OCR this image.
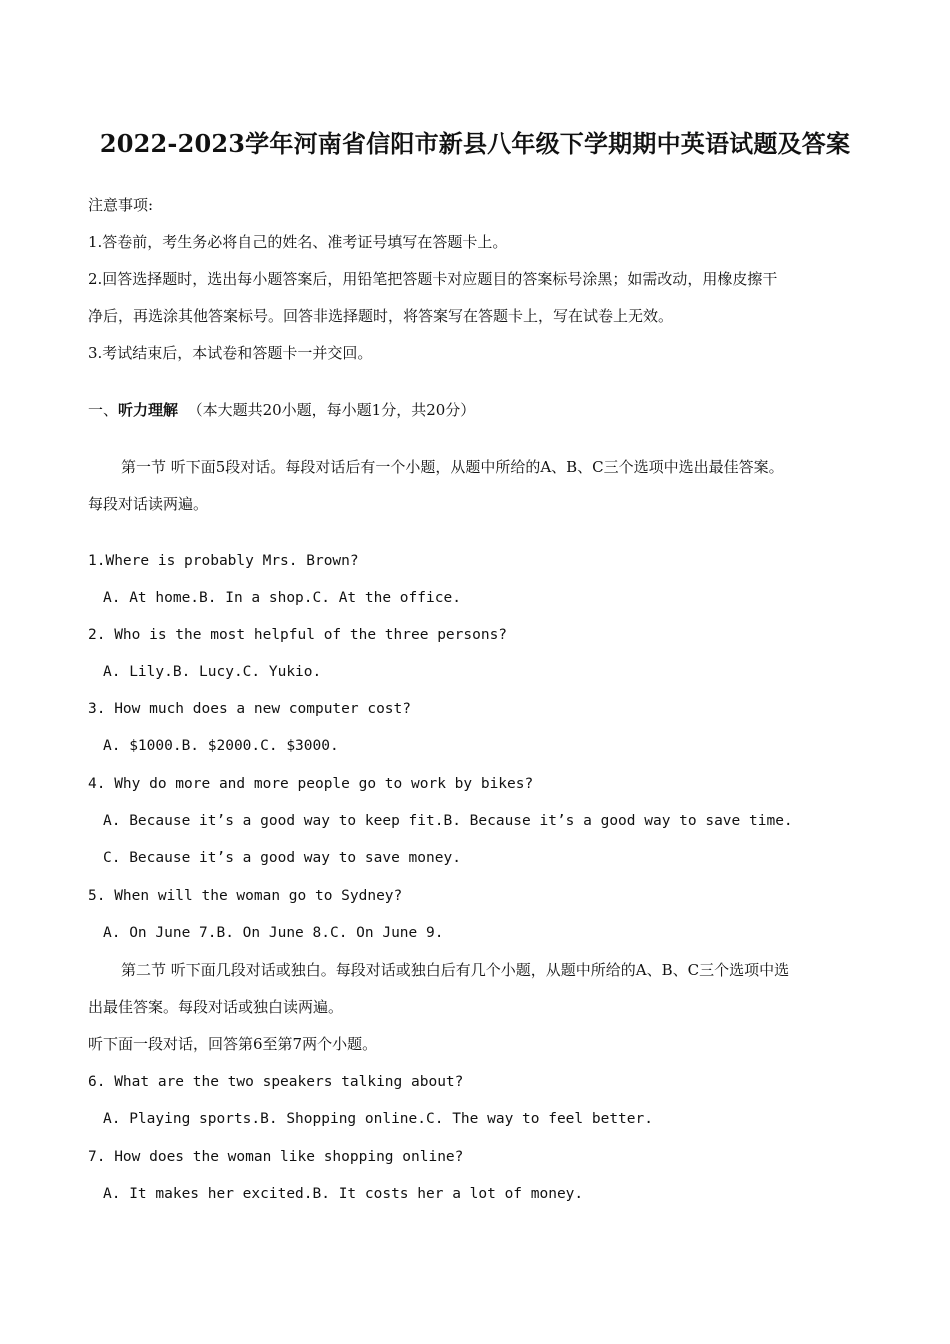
2022-2023学年河南省信阳市新县八年级下学期期中英语试题及答案
注意事项:
1.答卷前，考生务必将自己的姓名、准考证号填写在答题卡上。
2.回答选择题时，选出每小题答案后，用铅笔把答题卡对应题目的答案标号涂黑；如需改动，用橡皮擦干
净后，再选涂其他答案标号。回答非选择题时，将答案写在答题卡上，写在试卷上无效。
3.考试结束后，本试卷和答题卡一并交回。
一、听力理解 （本大题共20小题，每小题1分，共20分）
第一节 听下面5段对话。每段对话后有一个小题，从题中所给的A、B、C三个选项中选出最佳答案。
每段对话读两遍。
1.Where is probably Mrs. Brown?
A. At home.B. In a shop.C. At the office.
2. Who is the most helpful of the three persons?
A. Lily.B. Lucy.C. Yukio.
3. How much does a new computer cost?
A. $1000.B. $2000.C. $3000.
4. Why do more and more people go to work by bikes?
A. Because it’s a good way to keep fit.B. Because it’s a good way to save time.
C. Because it’s a good way to save money.
5. When will the woman go to Sydney?
A. On June 7.B. On June 8.C. On June 9.
第二节 听下面几段对话或独白。每段对话或独白后有几个小题，从题中所给的A、B、C三个选项中选
出最佳答案。每段对话或独白读两遍。
听下面一段对话，回答第6至第7两个小题。
6. What are the two speakers talking about?
A. Playing sports.B. Shopping online.C. The way to feel better.
7. How does the woman like shopping online?
A. It makes her excited.B. It costs her a lot of money.
